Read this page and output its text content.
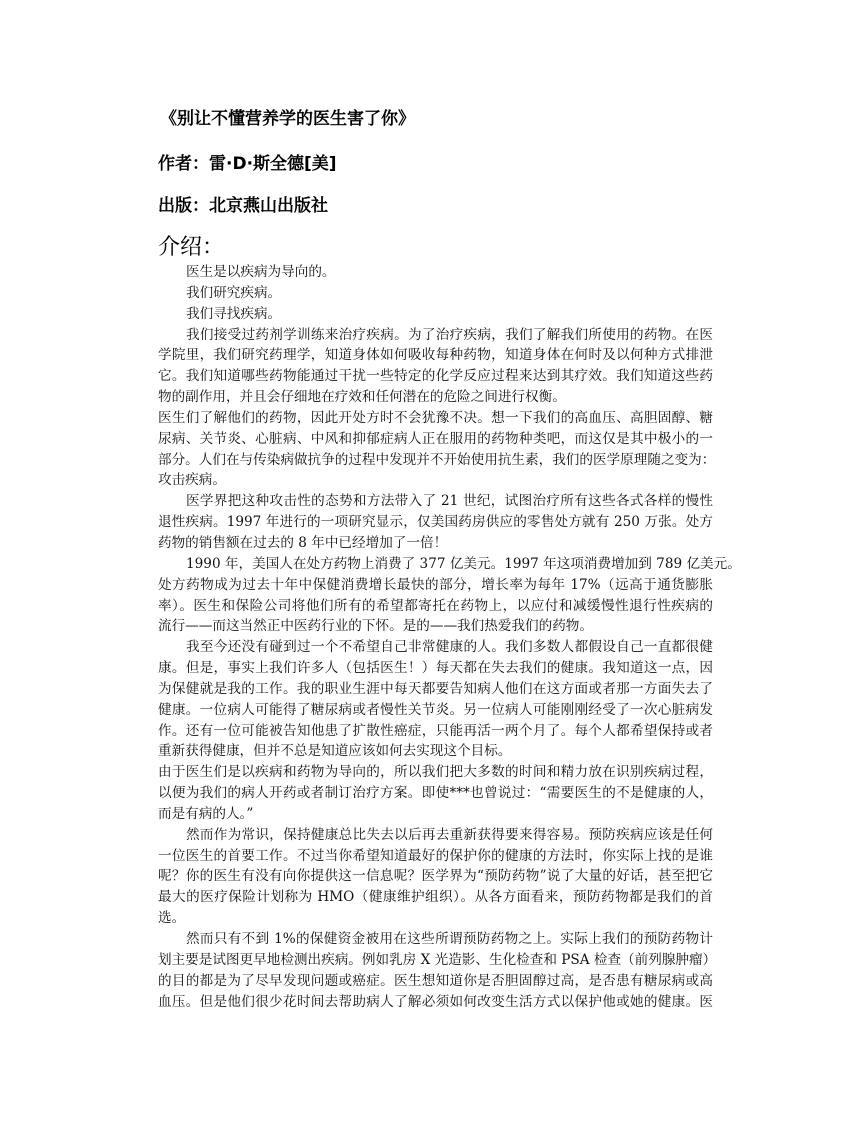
《别让不懂营养学的医生害了你》
作者：雷·D·斯全德[美]
出版：北京燕山出版社
介绍：
医生是以疾病为导向的。
我们研究疾病。
我们寻找疾病。
我们接受过药剂学训练来治疗疾病。为了治疗疾病，我们了解我们所使用的药物。在医
学院里，我们研究药理学，知道身体如何吸收每种药物，知道身体在何时及以何种方式排泄
它。我们知道哪些药物能通过干扰一些特定的化学反应过程来达到其疗效。我们知道这些药
物的副作用，并且会仔细地在疗效和任何潜在的危险之间进行权衡。
医生们了解他们的药物，因此开处方时不会犹豫不决。想一下我们的高血压、高胆固醇、糖
尿病、关节炎、心脏病、中风和抑郁症病人正在服用的药物种类吧，而这仅是其中极小的一
部分。人们在与传染病做抗争的过程中发现并不开始使用抗生素，我们的医学原理随之变为：
攻击疾病。
医学界把这种攻击性的态势和方法带入了 21 世纪，试图治疗所有这些各式各样的慢性
退性疾病。1997 年进行的一项研究显示，仅美国药房供应的零售处方就有 250 万张。处方
药物的销售额在过去的 8 年中已经增加了一倍！
1990 年，美国人在处方药物上消费了 377 亿美元。1997 年这项消费增加到 789 亿美元。
处方药物成为过去十年中保健消费增长最快的部分，增长率为每年 17%（远高于通货膨胀
率）。医生和保险公司将他们所有的希望都寄托在药物上，以应付和减缓慢性退行性疾病的
流行——而这当然正中医药行业的下怀。是的——我们热爱我们的药物。
我至今还没有碰到过一个不希望自己非常健康的人。我们多数人都假设自己一直都很健
康。但是，事实上我们许多人（包括医生！）每天都在失去我们的健康。我知道这一点，因
为保健就是我的工作。我的职业生涯中每天都要告知病人他们在这方面或者那一方面失去了
健康。一位病人可能得了糖尿病或者慢性关节炎。另一位病人可能刚刚经受了一次心脏病发
作。还有一位可能被告知他患了扩散性癌症，只能再活一两个月了。每个人都希望保持或者
重新获得健康，但并不总是知道应该如何去实现这个目标。
由于医生们是以疾病和药物为导向的，所以我们把大多数的时间和精力放在识别疾病过程，
以便为我们的病人开药或者制订治疗方案。即使***也曾说过：“需要医生的不是健康的人，
而是有病的人。”
然而作为常识，保持健康总比失去以后再去重新获得要来得容易。预防疾病应该是任何
一位医生的首要工作。不过当你希望知道最好的保护你的健康的方法时，你实际上找的是谁
呢？你的医生有没有向你提供这一信息呢？医学界为“预防药物”说了大量的好话，甚至把它
最大的医疗保险计划称为 HMO（健康维护组织）。从各方面看来，预防药物都是我们的首
选。
然而只有不到 1%的保健资金被用在这些所谓预防药物之上。实际上我们的预防药物计
划主要是试图更早地检测出疾病。例如乳房 X 光造影、生化检查和 PSA 检查（前列腺肿瘤）
的目的都是为了尽早发现问题或癌症。医生想知道你是否胆固醇过高，是否患有糖尿病或高
血压。但是他们很少花时间去帮助病人了解必须如何改变生活方式以保护他或她的健康。医
